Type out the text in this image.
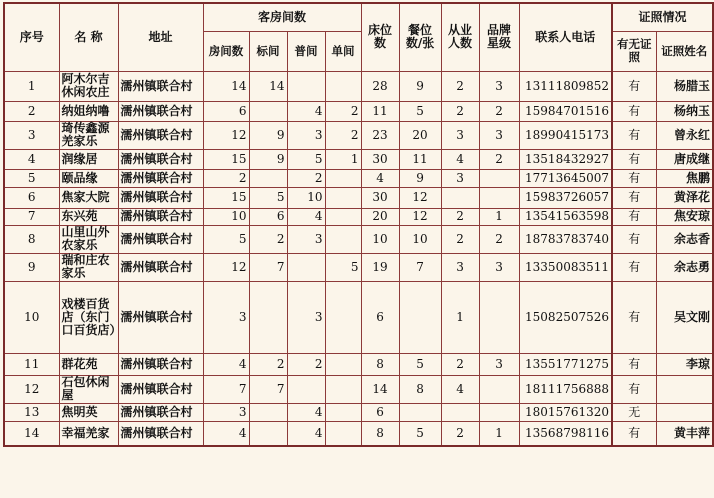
序号	名 称	地址	客房间数				床位数	餐位数/张	从业人数	品牌星级	联系人电话	证照情况	
			房间数	标间	普间	单间						有无证照	证照姓名
1	阿木尔吉休闲农庄	濡州镇联合村	14	14			28	9	2	3	13111809852	有	杨腊玉
2	纳姐纳噜	濡州镇联合村	6		4	2	11	5	2	2	15984701516	有	杨纳玉
3	琦传鑫源羌家乐	濡州镇联合村	12	9	3	2	23	20	3	3	18990415173	有	曾永红
4	润缘居	濡州镇联合村	15	9	5	1	30	11	4	2	13518432927	有	唐成继
5	颐品缘	濡州镇联合村	2		2		4	9	3		17713645007	有	焦鹏
6	焦家大院	濡州镇联合村	15	5	10		30	12			15983726057	有	黄泽花
7	东兴苑	濡州镇联合村	10	6	4		20	12	2	1	13541563598	有	焦安琼
8	山里山外农家乐	濡州镇联合村	5	2	3		10	10	2	2	18783783740	有	余志香
9	瑞和庄农家乐	濡州镇联合村	12	7		5	19	7	3	3	13350083511	有	余志勇
10	戏楼百货店（东门口百货店）	濡州镇联合村	3		3		6		1		15082507526	有	吴文刚
11	群花苑	濡州镇联合村	4	2	2		8	5	2	3	13551771275	有	李琼
12	石包休闲屋	濡州镇联合村	7	7			14	8	4		18111756888	有	
13	焦明英	濡州镇联合村	3		4		6				18015761320	无	
14	幸福羌家	濡州镇联合村	4		4		8	5	2	1	13568798116	有	黄丰萍
